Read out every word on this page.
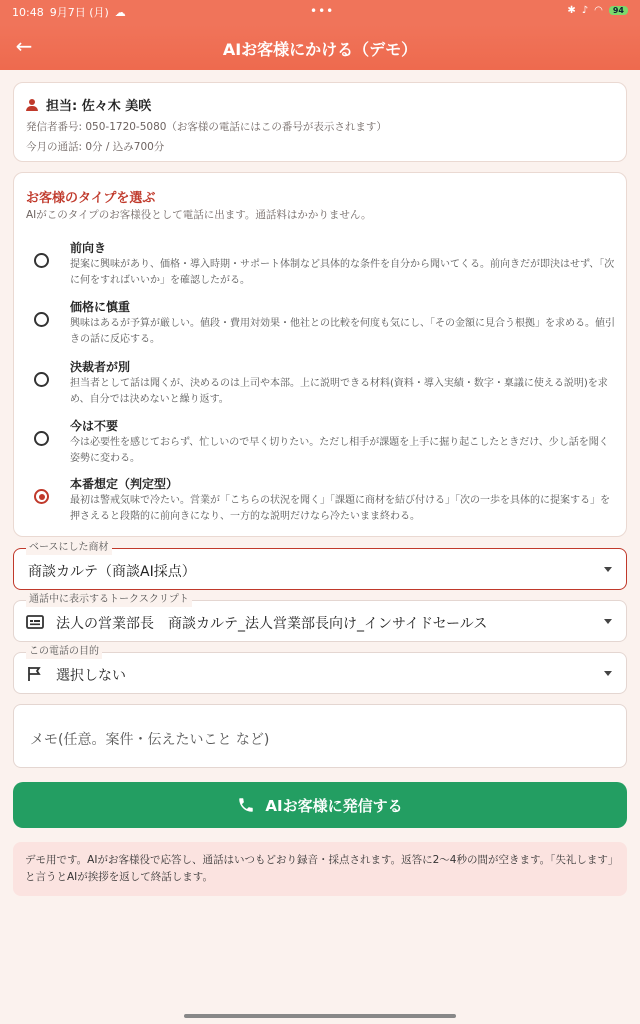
10:48 9月7日 (月) ☁	•••	✱ ♪ ◠	94
←	AIお客様にかける（デモ）
担当: 佐々木 美咲
発信者番号: 050-1720-5080（お客様の電話にはこの番号が表示されます）
今月の通話: 0分 / 込み700分
お客様のタイプを選ぶ
AIがこのタイプのお客様役として電話に出ます。通話料はかかりません。
前向き
提案に興味があり、価格・導入時期・サポート体制など具体的な条件を自分から聞いてくる。前向きだが即決はせず、「次に何をすればいいか」を確認したがる。
価格に慎重
興味はあるが予算が厳しい。値段・費用対効果・他社との比較を何度も気にし、「その金額に見合う根拠」を求める。値引きの話に反応する。
決裁者が別
担当者として話は聞くが、決めるのは上司や本部。上に説明できる材料(資料・導入実績・数字・稟議に使える説明)を求め、自分では決めないと繰り返す。
今は不要
今は必要性を感じておらず、忙しいので早く切りたい。ただし相手が課題を上手に掘り起こしたときだけ、少し話を聞く姿勢に変わる。
本番想定（判定型）
最初は警戒気味で冷たい。営業が「こちらの状況を聞く」「課題に商材を結び付ける」「次の一歩を具体的に提案する」を押さえると段階的に前向きになり、一方的な説明だけなら冷たいまま終わる。
ベースにした商材
商談カルテ（商談AI採点）
通話中に表示するトークスクリプト
法人の営業部長　商談カルテ_法人営業部長向け_インサイドセールス
この電話の目的
選択しない
メモ(任意。案件・伝えたいこと など)
AIお客様に発信する
デモ用です。AIがお客様役で応答し、通話はいつもどおり録音・採点されます。返答に2〜4秒の間が空きます。「失礼します」と言うとAIが挨拶を返して終話します。
